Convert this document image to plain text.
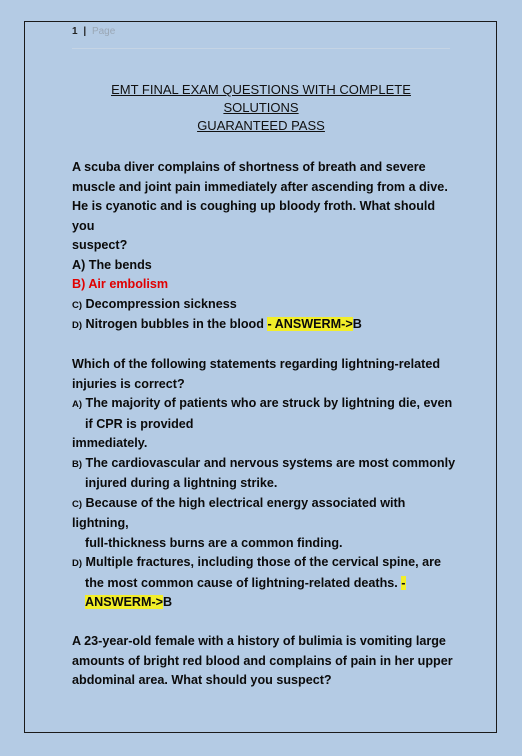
1 | Page
EMT FINAL EXAM QUESTIONS WITH COMPLETE SOLUTIONS
GUARANTEED PASS
A scuba diver complains of shortness of breath and severe
muscle and joint pain immediately after ascending from a dive.
He is cyanotic and is coughing up bloody froth. What should you
suspect?
A) The bends
B) Air embolism
C) Decompression sickness
D) Nitrogen bubbles in the blood - ANSWERM->B
Which of the following statements regarding lightning-related
injuries is correct?
A) The majority of patients who are struck by lightning die, even
if CPR is provided
immediately.
B) The cardiovascular and nervous systems are most commonly
injured during a lightning strike.
C) Because of the high electrical energy associated with lightning,
full-thickness burns are a common finding.
D) Multiple fractures, including those of the cervical spine, are
the most common cause of lightning-related deaths. -
ANSWERM->B
A 23-year-old female with a history of bulimia is vomiting large
amounts of bright red blood and complains of pain in her upper
abdominal area. What should you suspect?
